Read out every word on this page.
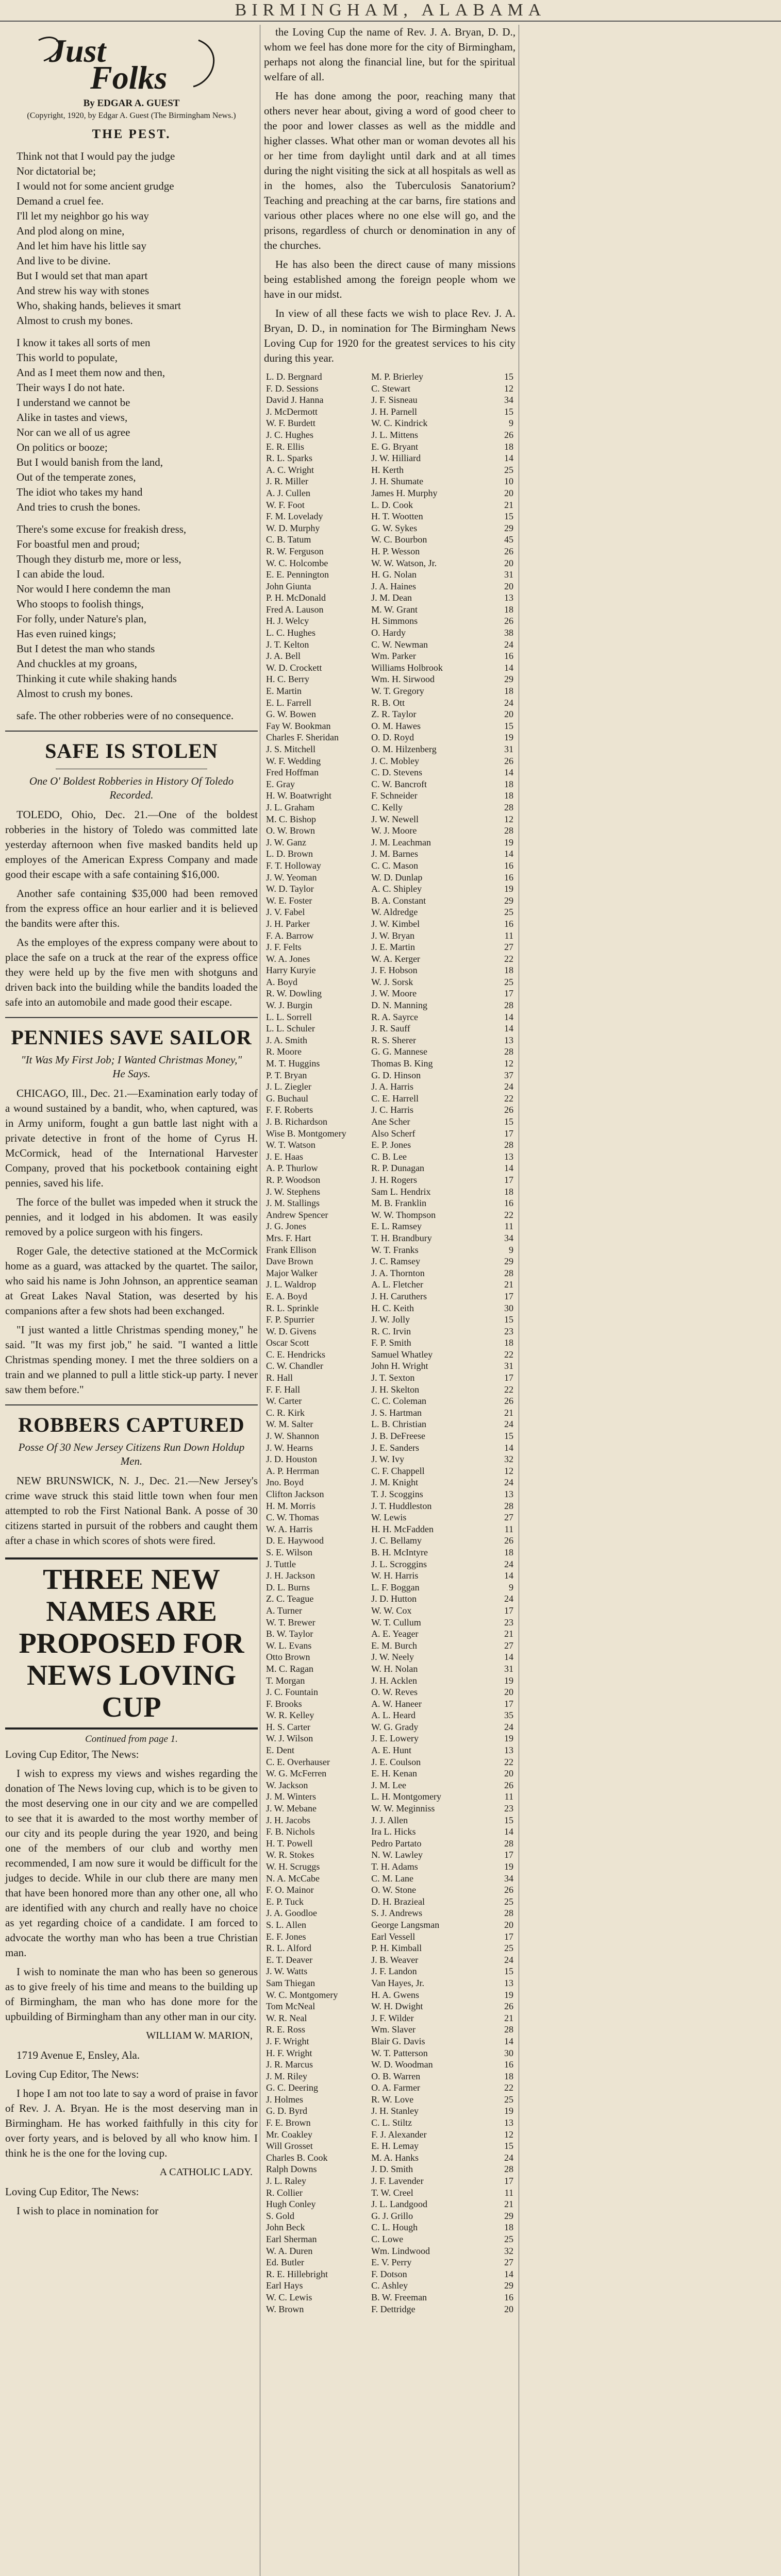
BIRMINGHAM, ALABAMA
Just
Folks
By EDGAR A. GUEST
(Copyright, 1920, by Edgar A. Guest (The Birmingham News.)
THE PEST.
Think not that I would pay the judge
Nor dictatorial be;
I would not for some ancient grudge
Demand a cruel fee.
I'll let my neighbor go his way
And plod along on mine,
And let him have his little say
And live to be divine.
But I would set that man apart
And strew his way with stones
Who, shaking hands, believes it smart
Almost to crush my bones.
I know it takes all sorts of men
This world to populate,
And as I meet them now and then,
Their ways I do not hate.
I understand we cannot be
Alike in tastes and views,
Nor can we all of us agree
On politics or booze;
But I would banish from the land,
Out of the temperate zones,
The idiot who takes my hand
And tries to crush the bones.
There's some excuse for freakish dress,
For boastful men and proud;
Though they disturb me, more or less,
I can abide the loud.
Nor would I here condemn the man
Who stoops to foolish things,
For folly, under Nature's plan,
Has even ruined kings;
But I detest the man who stands
And chuckles at my groans,
Thinking it cute while shaking hands
Almost to crush my bones.

safe. The other robberies were of no consequence.

SAFE IS STOLEN
One O' Boldest Robberies in History Of Toledo Recorded.

TOLEDO, Ohio, Dec. 21.—One of the boldest robberies in the history of Toledo was committed late yesterday afternoon when five masked bandits held up employes of the American Express Company and made good their escape with a safe containing $16,000.

Another safe containing $35,000 had been removed from the express office an hour earlier and it is believed the bandits were after this.

As the employes of the express company were about to place the safe on a truck at the rear of the express office they were held up by the five men with shotguns and driven back into the building while the bandits loaded the safe into an automobile and made good their escape.

PENNIES SAVE SAILOR
"It Was My First Job; I Wanted Christmas Money," He Says.

CHICAGO, Ill., Dec. 21.—Examination early today of a wound sustained by a bandit, who, when captured, was in Army uniform, fought a gun battle last night with a private detective in front of the home of Cyrus H. McCormick, head of the International Harvester Company, proved that his pocketbook containing eight pennies, saved his life.

The force of the bullet was impeded when it struck the pennies, and it lodged in his abdomen. It was easily removed by a police surgeon with his fingers.

Roger Gale, the detective stationed at the McCormick home as a guard, was attacked by the quartet. The sailor, who said his name is John Johnson, an apprentice seaman at Great Lakes Naval Station, was deserted by his companions after a few shots had been exchanged.

"I just wanted a little Christmas spending money," he said. "It was my first job," he said. "I wanted a little Christmas spending money. I met the three soldiers on a train and we planned to pull a little stick-up party. I never saw them before."

ROBBERS CAPTURED
Posse Of 30 New Jersey Citizens Run Down Holdup Men.

NEW BRUNSWICK, N. J., Dec. 21.—New Jersey's crime wave struck this staid little town when four men attempted to rob the First National Bank. A posse of 30 citizens started in pursuit of the robbers and caught them after a chase in which scores of shots were fired.

THREE NEW NAMES ARE PROPOSED FOR NEWS LOVING CUP
Continued from page 1.

Loving Cup Editor, The News:

I wish to express my views and wishes regarding the donation of The News loving cup, which is to be given to the most deserving one in our city and we are compelled to see that it is awarded to the most worthy member of our city and its people during the year 1920, and being one of the members of our club and worthy men recommended, I am now sure it would be difficult for the judges to decide. While in our club there are many men that have been honored more than any other one, all who are identified with any church and really have no choice as yet regarding choice of a candidate. I am forced to advocate the worthy man who has been a true Christian man.

I wish to nominate the man who has been so generous as to give freely of his time and means to the building up of Birmingham, the man who has done more for the upbuilding of Birmingham than any other man in our city.

WILLIAM W. MARION,

1719 Avenue E, Ensley, Ala.

Loving Cup Editor, The News:

I hope I am not too late to say a word of praise in favor of Rev. J. A. Bryan. He is the most deserving man in Birmingham. He has worked faithfully in this city for over forty years, and is beloved by all who know him. I think he is the one for the loving cup.

A CATHOLIC LADY.

Loving Cup Editor, The News:

I wish to place in nomination for

the Loving Cup the name of Rev. J. A. Bryan, D. D., whom we feel has done more for the city of Birmingham, perhaps not along the financial line, but for the spiritual welfare of all.

He has done among the poor, reaching many that others never hear about, giving a word of good cheer to the poor and lower classes as well as the middle and higher classes. What other man or woman devotes all his or her time from daylight until dark and at all times during the night visiting the sick at all hospitals as well as in the homes, also the Tuberculosis Sanatorium? Teaching and preaching at the car barns, fire stations and various other places where no one else will go, and the prisons, regardless of church or denomination in any of the churches.

He has also been the direct cause of many missions being established among the foreign people whom we have in our midst.

In view of all these facts we wish to place Rev. J. A. Bryan, D. D., in nomination for The Birmingham News Loving Cup for 1920 for the greatest services to his city during this year.

L. D. Bergnard	M. P. Brierley	15
F. D. Sessions	C. Stewart	12
David J. Hanna	J. F. Sisneau	34
J. McDermott	J. H. Parnell	15
W. F. Burdett	W. C. Kindrick	9
J. C. Hughes	J. L. Mittens	26
E. R. Ellis	E. G. Bryant	18
R. L. Sparks	J. W. Hilliard	14
A. C. Wright	H. Kerth	25
J. R. Miller	J. H. Shumate	10
A. J. Cullen	James H. Murphy	20
W. F. Foot	L. D. Cook	21
F. M. Lovelady	H. T. Wootten	15
W. D. Murphy	G. W. Sykes	29
C. B. Tatum	W. C. Bourbon	45
R. W. Ferguson	H. P. Wesson	26
W. C. Holcombe	W. W. Watson, Jr.	20
E. E. Pennington	H. G. Nolan	31
John Giunta	J. A. Haines	20
P. H. McDonald	J. M. Dean	13
Fred A. Lauson	M. W. Grant	18
H. J. Welcy	H. Simmons	26
L. C. Hughes	O. Hardy	38
J. T. Kelton	C. W. Newman	24
J. A. Bell	Wm. Parker	16
W. D. Crockett	Williams Holbrook	14
H. C. Berry	Wm. H. Sirwood	29
E. Martin	W. T. Gregory	18
E. L. Farrell	R. B. Ott	24
G. W. Bowen	Z. R. Taylor	20
Fay W. Bookman	O. M. Hawes	15
Charles F. Sheridan	O. D. Royd	19
J. S. Mitchell	O. M. Hilzenberg	31
W. F. Wedding	J. C. Mobley	26
Fred Hoffman	C. D. Stevens	14
E. Gray	C. W. Bancroft	18
H. W. Boatwright	F. Schneider	18
J. L. Graham	C. Kelly	28
M. C. Bishop	J. W. Newell	12
O. W. Brown	W. J. Moore	28
J. W. Ganz	J. M. Leachman	19
L. D. Brown	J. M. Barnes	14
F. T. Holloway	C. C. Mason	16
J. W. Yeoman	W. D. Dunlap	16
W. D. Taylor	A. C. Shipley	19
W. E. Foster	B. A. Constant	29
J. V. Fabel	W. Aldredge	25
J. H. Parker	J. W. Kimbel	16
F. A. Barrow	J. W. Bryan	11
J. F. Felts	J. E. Martin	27
W. A. Jones	W. A. Kerger	22
Harry Kuryie	J. F. Hobson	18
A. Boyd	W. J. Sorsk	25
R. W. Dowling	J. W. Moore	17
W. J. Burgin	D. N. Manning	28
L. L. Sorrell	R. A. Sayrce	14
L. L. Schuler	J. R. Sauff	14
J. A. Smith	R. S. Sherer	13
R. Moore	G. G. Mannese	28
M. T. Huggins	Thomas B. King	12
P. T. Bryan	G. D. Hinson	37
J. L. Ziegler	J. A. Harris	24
G. Buchaul	C. E. Harrell	22
F. F. Roberts	J. C. Harris	26
J. B. Richardson	Ane Scher	15
Wise B. Montgomery	Also Scherf	17
W. T. Watson	E. P. Jones	28
J. E. Haas	C. B. Lee	13
A. P. Thurlow	R. P. Dunagan	14
R. P. Woodson	J. H. Rogers	17
J. W. Stephens	Sam L. Hendrix	18
J. M. Stallings	M. B. Franklin	16
Andrew Spencer	W. W. Thompson	22
J. G. Jones	E. L. Ramsey	11
Mrs. F. Hart	T. H. Brandbury	34
Frank Ellison	W. T. Franks	9
Dave Brown	J. C. Ramsey	29
Major Walker	J. A. Thornton	28
J. L. Waldrop	A. L. Fletcher	21
E. A. Boyd	J. H. Caruthers	17
R. L. Sprinkle	H. C. Keith	30
F. P. Spurrier	J. W. Jolly	15
W. D. Givens	R. C. Irvin	23
Oscar Scott	F. P. Smith	18
C. E. Hendricks	Samuel Whatley	22
C. W. Chandler	John H. Wright	31
R. Hall	J. T. Sexton	17
F. F. Hall	J. H. Skelton	22
W. Carter	C. C. Coleman	26
C. R. Kirk	J. S. Hartman	21
W. M. Salter	L. B. Christian	24
J. W. Shannon	J. B. DeFreese	15
J. W. Hearns	J. E. Sanders	14
J. D. Houston	J. W. Ivy	32
A. P. Herrman	C. F. Chappell	12
Jno. Boyd	J. M. Knight	24
Clifton Jackson	T. J. Scoggins	13
H. M. Morris	J. T. Huddleston	28
C. W. Thomas	W. Lewis	27
W. A. Harris	H. H. McFadden	11
D. E. Haywood	J. C. Bellamy	26
S. E. Wilson	B. H. McIntyre	18
J. Tuttle	J. L. Scroggins	24
J. H. Jackson	W. H. Harris	14
D. L. Burns	L. F. Boggan	9
Z. C. Teague	J. D. Hutton	24
A. Turner	W. W. Cox	17
W. T. Brewer	W. T. Cullum	23
B. W. Taylor	A. E. Yeager	21
W. L. Evans	E. M. Burch	27
Otto Brown	J. W. Neely	14
M. C. Ragan	W. H. Nolan	31
T. Morgan	J. H. Acklen	19
J. C. Fountain	O. W. Reves	20
F. Brooks	A. W. Haneer	17
W. R. Kelley	A. L. Heard	35
H. S. Carter	W. G. Grady	24
W. J. Wilson	J. E. Lowery	19
E. Dent	A. E. Hunt	13
C. E. Overhauser	J. E. Coulson	22
W. G. McFerren	E. H. Kenan	20
W. Jackson	J. M. Lee	26
J. M. Winters	L. H. Montgomery	11
J. W. Mebane	W. W. Meginniss	23
J. H. Jacobs	J. J. Allen	15
F. B. Nichols	Ira L. Hicks	14
H. T. Powell	Pedro Partato	28
W. R. Stokes	N. W. Lawley	17
W. H. Scruggs	T. H. Adams	19
N. A. McCabe	C. M. Lane	34
F. O. Mainor	O. W. Stone	26
E. P. Tuck	D. H. Brazieal	25
J. A. Goodloe	S. J. Andrews	28
S. L. Allen	George Langsman	20
E. F. Jones	Earl Vessell	17
R. L. Alford	P. H. Kimball	25
E. T. Deaver	J. B. Weaver	24
J. W. Watts	J. F. Landon	15
Sam Thiegan	Van Hayes, Jr.	13
W. C. Montgomery	H. A. Gwens	19
Tom McNeal	W. H. Dwight	26
W. R. Neal	J. F. Wilder	21
R. E. Ross	Wm. Slaver	28
J. F. Wright	Blair G. Davis	14
H. F. Wright	W. T. Patterson	30
J. R. Marcus	W. D. Woodman	16
J. M. Riley	O. B. Warren	18
G. C. Deering	O. A. Farmer	22
J. Holmes	R. W. Love	25
G. D. Byrd	J. H. Stanley	19
F. E. Brown	C. L. Stiltz	13
Mr. Coakley	F. J. Alexander	12
Will Grosset	E. H. Lemay	15
Charles B. Cook	M. A. Hanks	24
Ralph Downs	J. D. Smith	28
J. L. Raley	J. F. Lavender	17
R. Collier	T. W. Creel	11
Hugh Conley	J. L. Landgood	21
S. Gold	G. J. Grillo	29
John Beck	C. L. Hough	18
Earl Sherman	C. Lowe	25
W. A. Duren	Wm. Lindwood	32
Ed. Butler	E. V. Perry	27
R. E. Hillebright	F. Dotson	14
Earl Hays	C. Ashley	29
W. C. Lewis	B. W. Freeman	16
W. Brown	F. Dettridge	20
